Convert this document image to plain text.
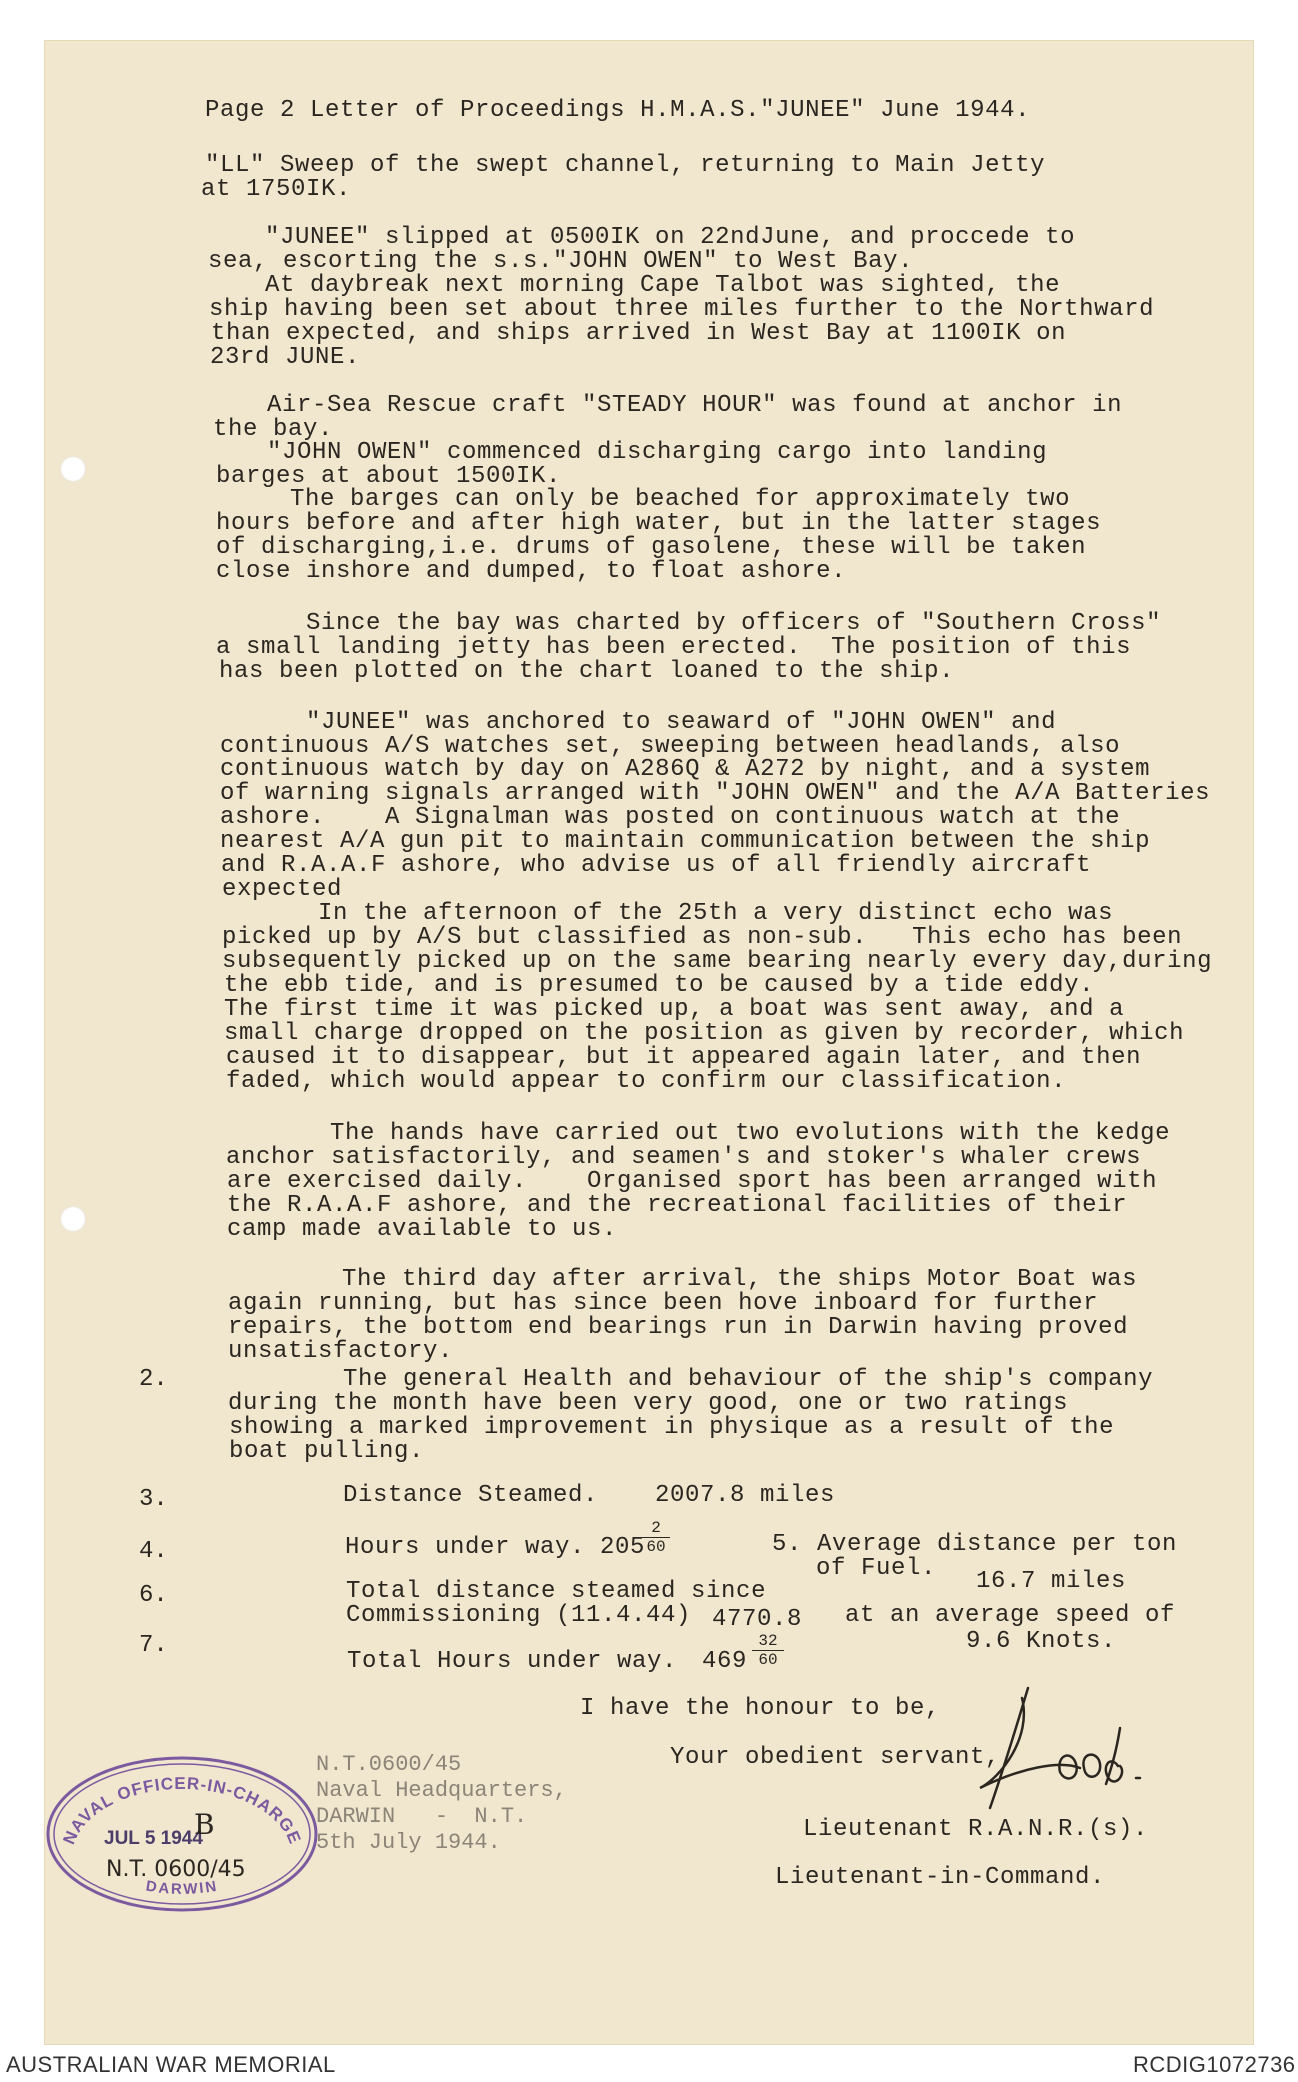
Page 2 Letter of Proceedings H.M.A.S."JUNEE" June 1944.
"LL" Sweep of the swept channel, returning to Main Jetty
at 1750IK.
"JUNEE" slipped at 0500IK on 22ndJune, and proccede to
sea, escorting the s.s."JOHN OWEN" to West Bay.
At daybreak next morning Cape Talbot was sighted, the
ship having been set about three miles further to the Northward
than expected, and ships arrived in West Bay at 1100IK on
23rd JUNE.
Air-Sea Rescue craft "STEADY HOUR" was found at anchor in
the bay.
"JOHN OWEN" commenced discharging cargo into landing
barges at about 1500IK.
The barges can only be beached for approximately two
hours before and after high water, but in the latter stages
of discharging,i.e. drums of gasolene, these will be taken
close inshore and dumped, to float ashore.
Since the bay was charted by officers of "Southern Cross"
a small landing jetty has been erected.  The position of this
has been plotted on the chart loaned to the ship.
"JUNEE" was anchored to seaward of "JOHN OWEN" and
continuous A/S watches set, sweeping between headlands, also
continuous watch by day on A286Q & A272 by night, and a system
of warning signals arranged with "JOHN OWEN" and the A/A Batteries
ashore.    A Signalman was posted on continuous watch at the
nearest A/A gun pit to maintain communication between the ship
and R.A.A.F ashore, who advise us of all friendly aircraft
expected
In the afternoon of the 25th a very distinct echo was
picked up by A/S but classified as non-sub.   This echo has been
subsequently picked up on the same bearing nearly every day,during
the ebb tide, and is presumed to be caused by a tide eddy.
The first time it was picked up, a boat was sent away, and a
small charge dropped on the position as given by recorder, which
caused it to disappear, but it appeared again later, and then
faded, which would appear to confirm our classification.
The hands have carried out two evolutions with the kedge
anchor satisfactorily, and seamen's and stoker's whaler crews
are exercised daily.    Organised sport has been arranged with
the R.A.A.F ashore, and the recreational facilities of their
camp made available to us.
The third day after arrival, the ships Motor Boat was
again running, but has since been hove inboard for further
repairs, the bottom end bearings run in Darwin having proved
unsatisfactory.
The general Health and behaviour of the ship's company
during the month have been very good, one or two ratings
showing a marked improvement in physique as a result of the
boat pulling.
2.
3.
4.
6.
7.
Distance Steamed. 2007.8 miles
Hours under way. 205
2
60	5. Average distance per ton
of Fuel. 16.7 miles
Total distance steamed since
Commissioning (11.4.44) 4770.8 at an average speed of
9.6 Knots.
Total Hours under way. 469
32
60
I have the honour to be,
Your obedient servant,
Lieutenant R.A.N.R.(s).
Lieutenant-in-Command.
N.T.0600/45
Naval Headquarters,
DARWIN   -  N.T.
5th July 1944.
NAVAL OFFICER-IN-CHARGE
DARWIN
JUL 5 1944
B
N.T. 0600/45
AUSTRALIAN WAR MEMORIAL	RCDIG1072736
